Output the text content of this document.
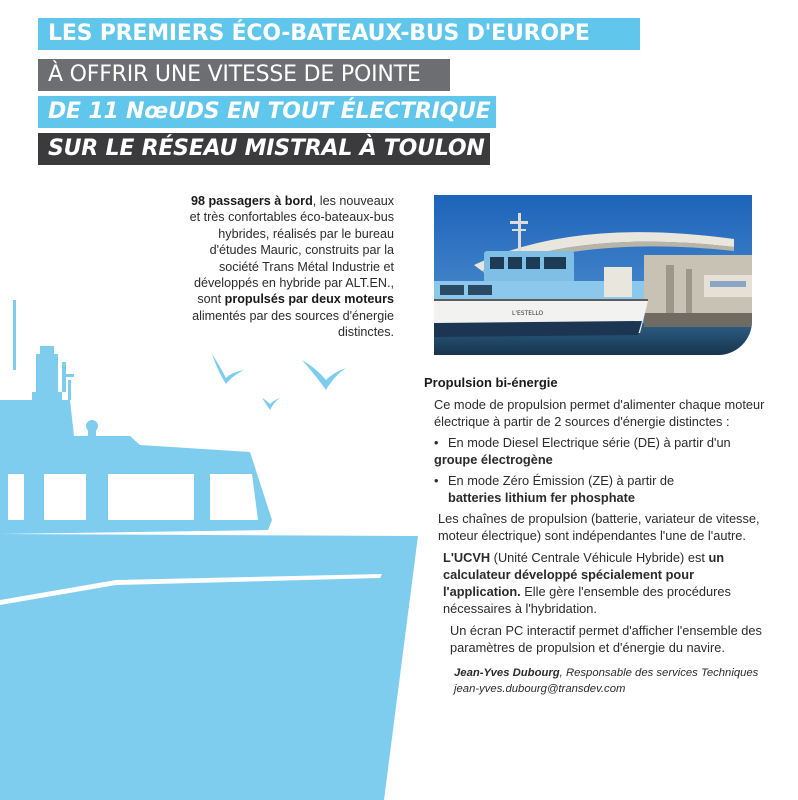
LES PREMIERS ÉCO-BATEAUX-BUS D'EUROPE
À OFFRIR UNE VITESSE DE POINTE
DE 11 NœUDS EN TOUT ÉLECTRIQUE
SUR LE RÉSEAU MISTRAL À TOULON
98 passagers à bord, les nouveaux et très confortables éco-bateaux-bus hybrides, réalisés par le bureau d'études Mauric, construits par la société Trans Métal Industrie et développés en hybride par ALT.EN., sont propulsés par deux moteurs alimentés par des sources d'énergie distinctes.
L'ESTELLO
Propulsion bi-énergie
Ce mode de propulsion permet d'alimenter chaque moteur électrique à partir de 2 sources d'énergie distinctes :
• En mode Diesel Electrique série (DE) à partir d'un groupe électrogène
• En mode Zéro Émission (ZE) à partir de
batteries lithium fer phosphate
Les chaînes de propulsion (batterie, variateur de vitesse, moteur électrique) sont indépendantes l'une de l'autre.
L'UCVH (Unité Centrale Véhicule Hybride) est un calculateur développé spécialement pour l'application. Elle gère l'ensemble des procédures nécessaires à l'hybridation.
Un écran PC interactif permet d'afficher l'ensemble des paramètres de propulsion et d'énergie du navire.
Jean-Yves Dubourg, Responsable des services Techniques
jean-yves.dubourg@transdev.com
